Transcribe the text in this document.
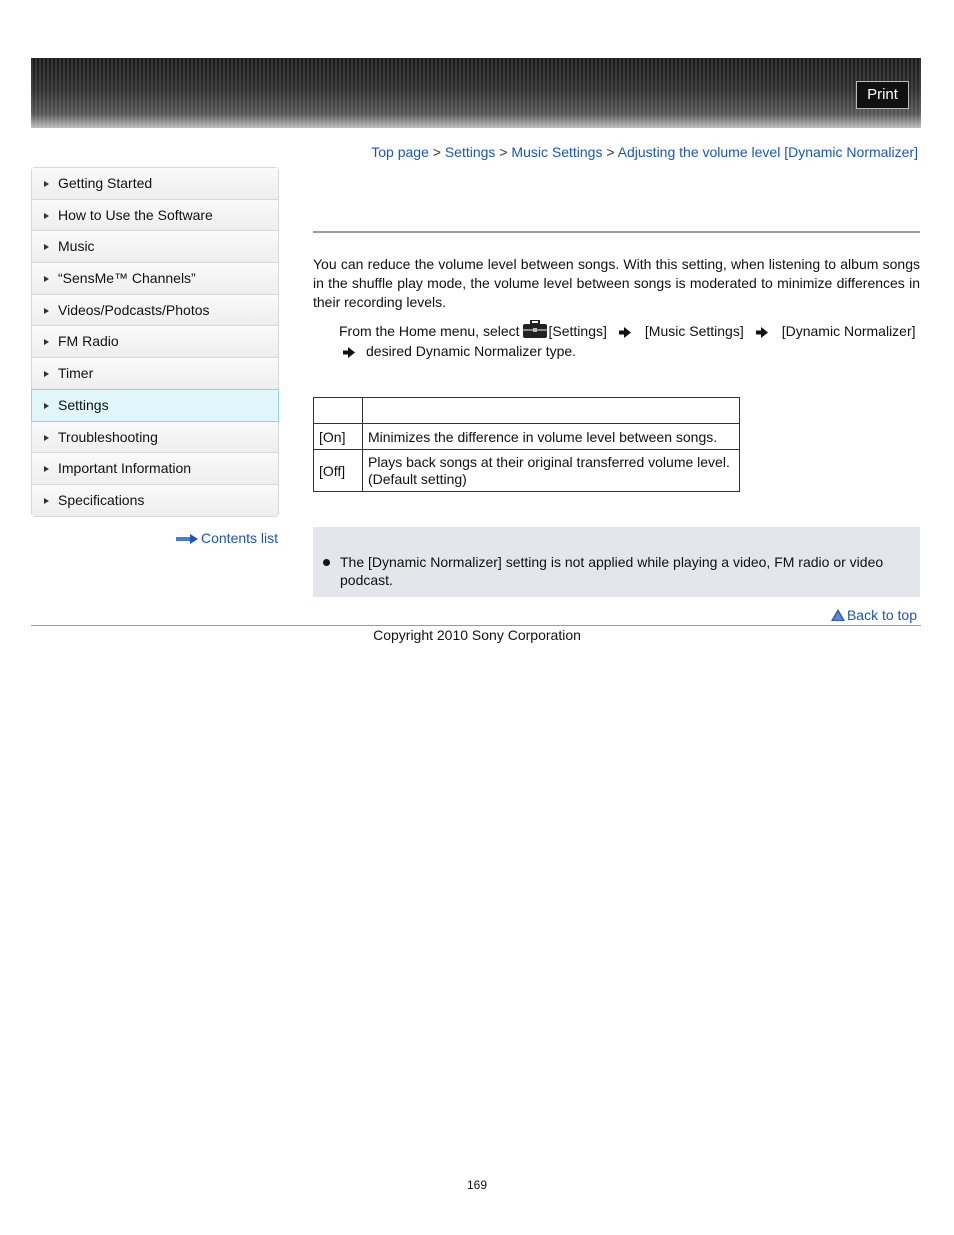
Print
Top page > Settings > Music Settings > Adjusting the volume level [Dynamic Normalizer]
Getting Started
How to Use the Software
Music
“SensMe™ Channels”
Videos/Podcasts/Photos
FM Radio
Timer
Settings
Troubleshooting
Important Information
Specifications
Contents list
You can reduce the volume level between songs. With this setting, when listening to album songs in the shuffle play mode, the volume level between songs is moderated to minimize differences in their recording levels.
From the Home menu, select [Settings]	[Music Settings]	[Dynamic Normalizer]
desired Dynamic Normalizer type.

[On]	Minimizes the difference in volume level between songs.
[Off]	Plays back songs at their original transferred volume level. (Default setting)
The [Dynamic Normalizer] setting is not applied while playing a video, FM radio or video podcast.
Back to top
Copyright 2010 Sony Corporation
169
